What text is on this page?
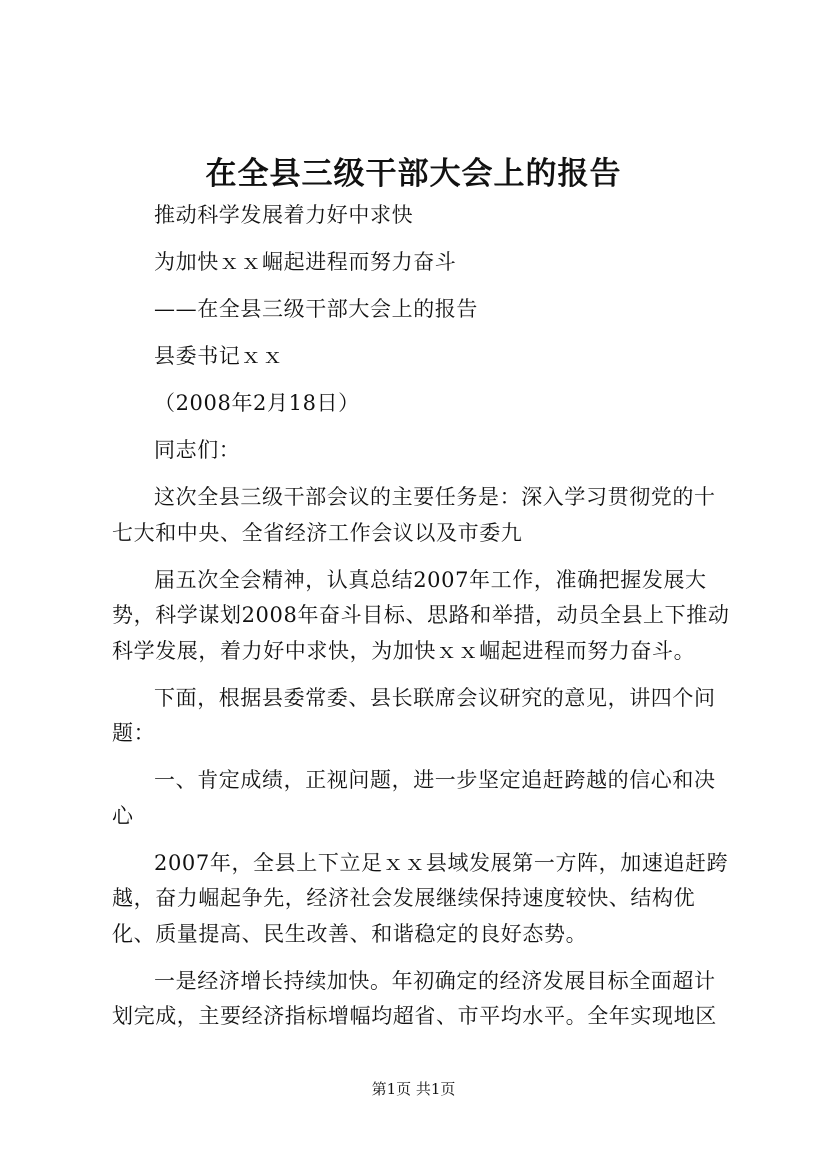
在全县三级干部大会上的报告

推动科学发展着力好中求快

为加快ｘｘ崛起进程而努力奋斗

——在全县三级干部大会上的报告

县委书记ｘｘ

（2008年2月18日）

同志们：

这次全县三级干部会议的主要任务是：深入学习贯彻党的十七大和中央、全省经济工作会议以及市委九

届五次全会精神，认真总结2007年工作，准确把握发展大势，科学谋划2008年奋斗目标、思路和举措，动员全县上下推动科学发展，着力好中求快，为加快ｘｘ崛起进程而努力奋斗。

下面，根据县委常委、县长联席会议研究的意见，讲四个问题：

一、肯定成绩，正视问题，进一步坚定追赶跨越的信心和决心

2007年，全县上下立足ｘｘ县域发展第一方阵，加速追赶跨越，奋力崛起争先，经济社会发展继续保持速度较快、结构优化、质量提高、民生改善、和谐稳定的良好态势。

一是经济增长持续加快。年初确定的经济发展目标全面超计划完成，主要经济指标增幅均超省、市平均水平。全年实现地区

第1页 共1页
